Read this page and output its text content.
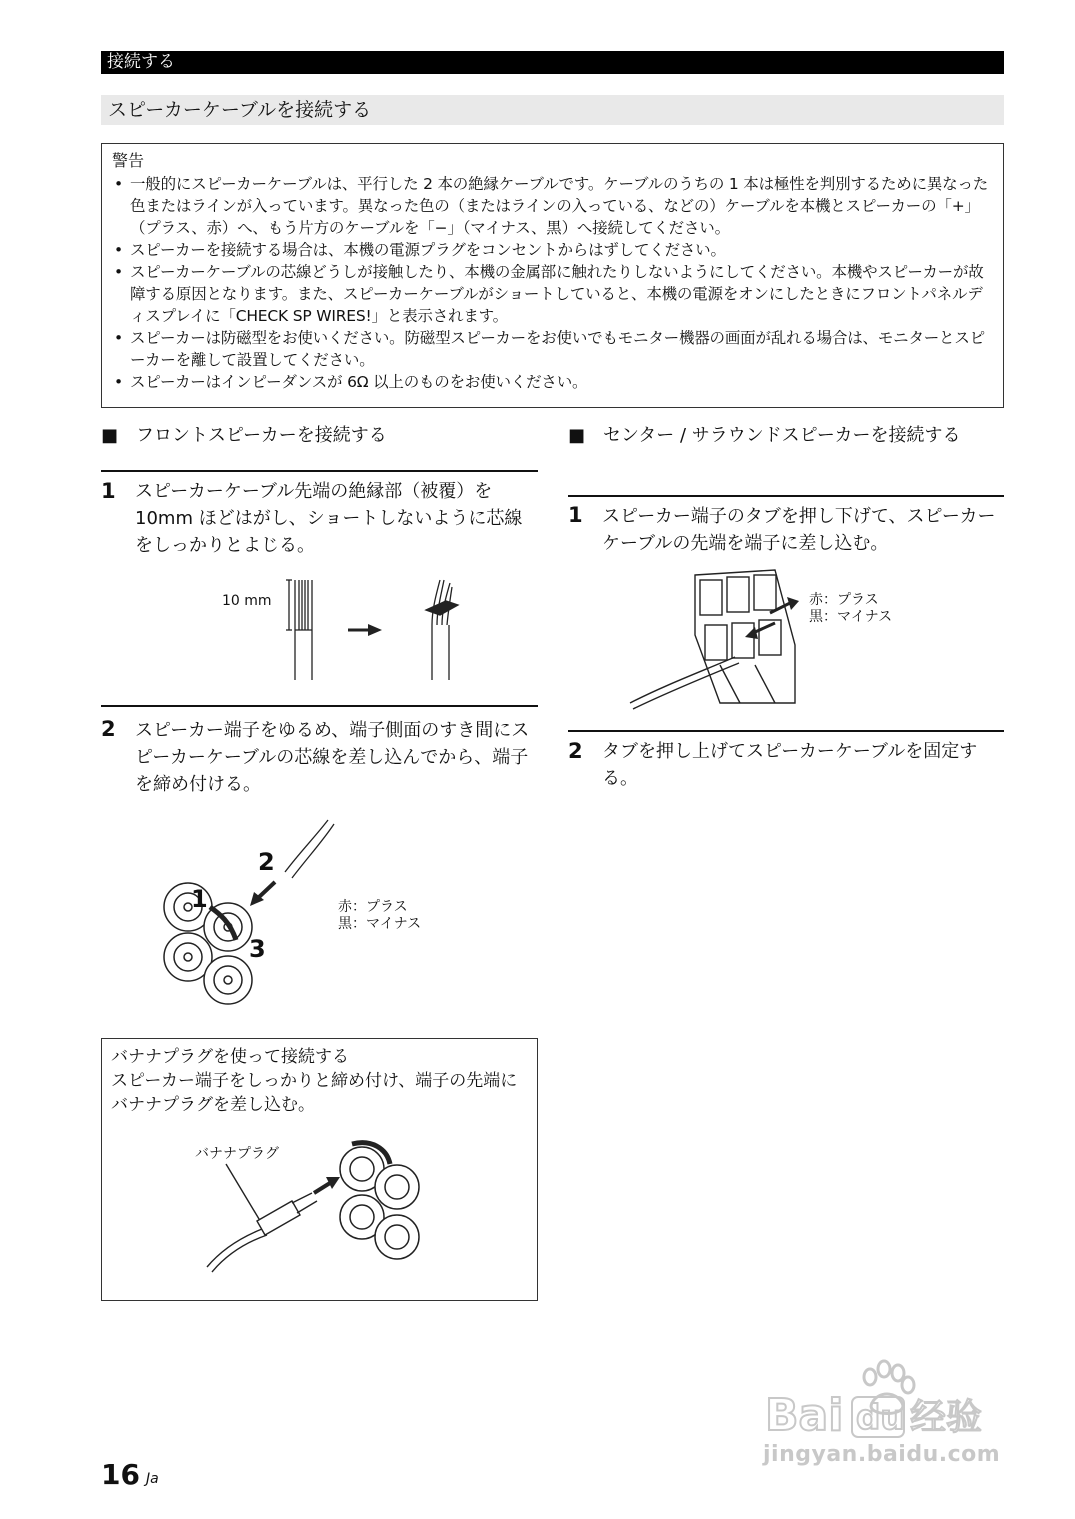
接続する
スピーカーケーブルを接続する
警告
• 一般的にスピーカーケーブルは、平行した 2 本の絶縁ケーブルです。ケーブルのうちの 1 本は極性を判別するために異なった色またはラインが入っています。異なった色の（またはラインの入っている、などの）ケーブルを本機とスピーカーの「+」（プラス、赤）へ、もう片方のケーブルを「−」（マイナス、黒）へ接続してください。
• スピーカーを接続する場合は、本機の電源プラグをコンセントからはずしてください。
• スピーカーケーブルの芯線どうしが接触したり、本機の金属部に触れたりしないようにしてください。本機やスピーカーが故障する原因となります。また、スピーカーケーブルがショートしていると、本機の電源をオンにしたときにフロントパネルディスプレイに「CHECK SP WIRES!」と表示されます。
• スピーカーは防磁型をお使いください。防磁型スピーカーをお使いでもモニター機器の画面が乱れる場合は、モニターとスピーカーを離して設置してください。
• スピーカーはインピーダンスが 6Ω 以上のものをお使いください。
■　フロントスピーカーを接続する
1 スピーカーケーブル先端の絶縁部（被覆）を10mm ほどはがし、ショートしないように芯線をしっかりとよじる。
10 mm
2 スピーカー端子をゆるめ、端子側面のすき間にスピーカーケーブルの芯線を差し込んでから、端子を締め付ける。
2
1
3
赤：プラス
黒：マイナス
バナナプラグを使って接続する
スピーカー端子をしっかりと締め付け、端子の先端にバナナプラグを差し込む。
バナナプラグ
■　センター / サラウンドスピーカーを接続する
1 スピーカー端子のタブを押し下げて、スピーカーケーブルの先端を端子に差し込む。
赤：プラス
黒：マイナス
2 タブを押し上げてスピーカーケーブルを固定する。
16 Ja
Bai du 经验
jingyan.baidu.com
